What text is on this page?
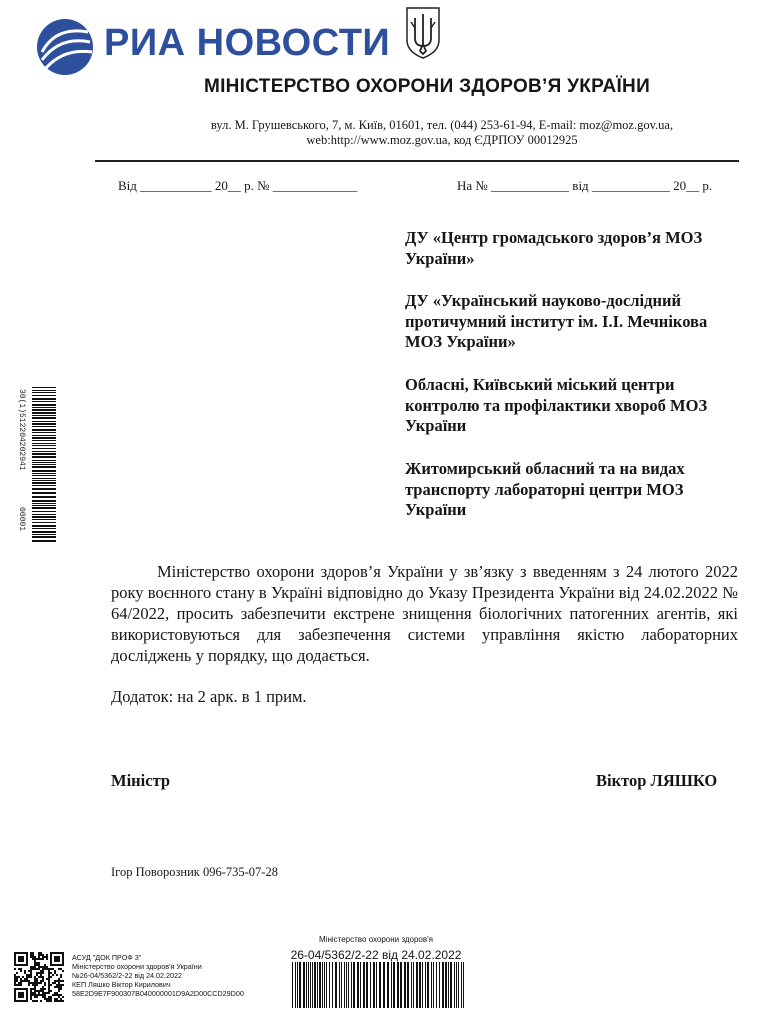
РИА НОВОСТИ
МІНІСТЕРСТВО ОХОРОНИ ЗДОРОВ’Я УКРАЇНИ
вул. М. Грушевського, 7, м. Київ, 01601, тел. (044) 253-61-94, E-mail: moz@moz.gov.ua,
web:http://www.moz.gov.ua, код ЄДРПОУ 00012925
Від ___________ 20__ р. № _____________	На № ____________ від ____________ 20__ р.
ДУ «Центр громадського здоров’я МОЗ
України»
ДУ «Український науково-дослідний
протичумний інститут ім. І.І. Мечнікова
МОЗ України»
Обласні, Київський міський центри
контролю та профілактики хвороб МОЗ
України
Житомирський обласний та на видах
транспорту лабораторні центри МОЗ
України

Міністерство охорони здоров’я України у зв’язку з введенням з 24 лютого 2022 року воєнного стану в Україні відповідно до Указу Президента України від 24.02.2022 № 64/2022, просить забезпечити екстрене знищення біологічних патогенних агентів, які використовуються для забезпечення системи управління якістю лабораторних досліджень у порядку, що додається.

Додаток: на 2 арк. в 1 прим.
Міністр	Віктор ЛЯШКО
Ігор Поворозник 096-735-07-28
30(1)512204202941
00001
АСУД "ДОК ПРОФ 3"
Міністерство охорони здоров'я України
№26-04/5362/2-22 від 24.02.2022
КЕП Ляшко Віктор Кирилович
58E2D9E7F900307B040000001D9A2D00CCD29D00
Міністерство охорони здоров'я
26-04/5362/2-22 від 24.02.2022
